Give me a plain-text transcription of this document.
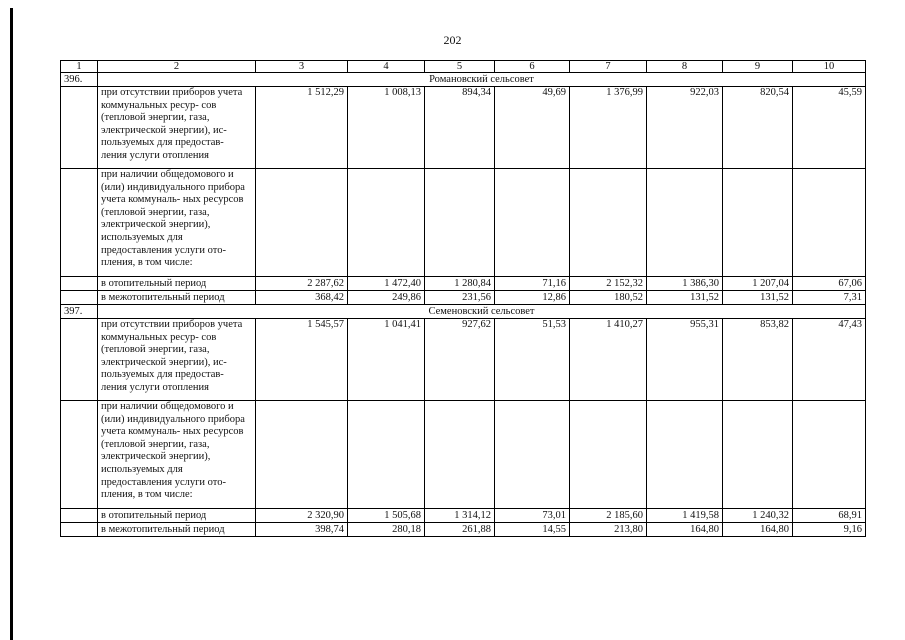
202
1	2	3	4	5	6	7	8	9	10
396.	Романовский сельсовет								
	при отсутствии приборов учета коммунальных ресур- сов (тепловой энергии, газа, электрической энергии), ис- пользуемых для предостав- ления услуги отопления	1 512,29	1 008,13	894,34	49,69	1 376,99	922,03	820,54	45,59
	при наличии общедомового и (или) индивидуального прибора учета коммуналь- ных ресурсов (тепловой энергии, газа, электрической энергии), используемых для предоставления услуги ото- пления, в том числе:								
	в отопительный период	2 287,62	1 472,40	1 280,84	71,16	2 152,32	1 386,30	1 207,04	67,06
	в межотопительный период	368,42	249,86	231,56	12,86	180,52	131,52	131,52	7,31
397.	Семеновский сельсовет								
	при отсутствии приборов учета коммунальных ресур- сов (тепловой энергии, газа, электрической энергии), ис- пользуемых для предостав- ления услуги отопления	1 545,57	1 041,41	927,62	51,53	1 410,27	955,31	853,82	47,43
	при наличии общедомового и (или) индивидуального прибора учета коммуналь- ных ресурсов (тепловой энергии, газа, электрической энергии), используемых для предоставления услуги ото- пления, в том числе:								
	в отопительный период	2 320,90	1 505,68	1 314,12	73,01	2 185,60	1 419,58	1 240,32	68,91
	в межотопительный период	398,74	280,18	261,88	14,55	213,80	164,80	164,80	9,16
